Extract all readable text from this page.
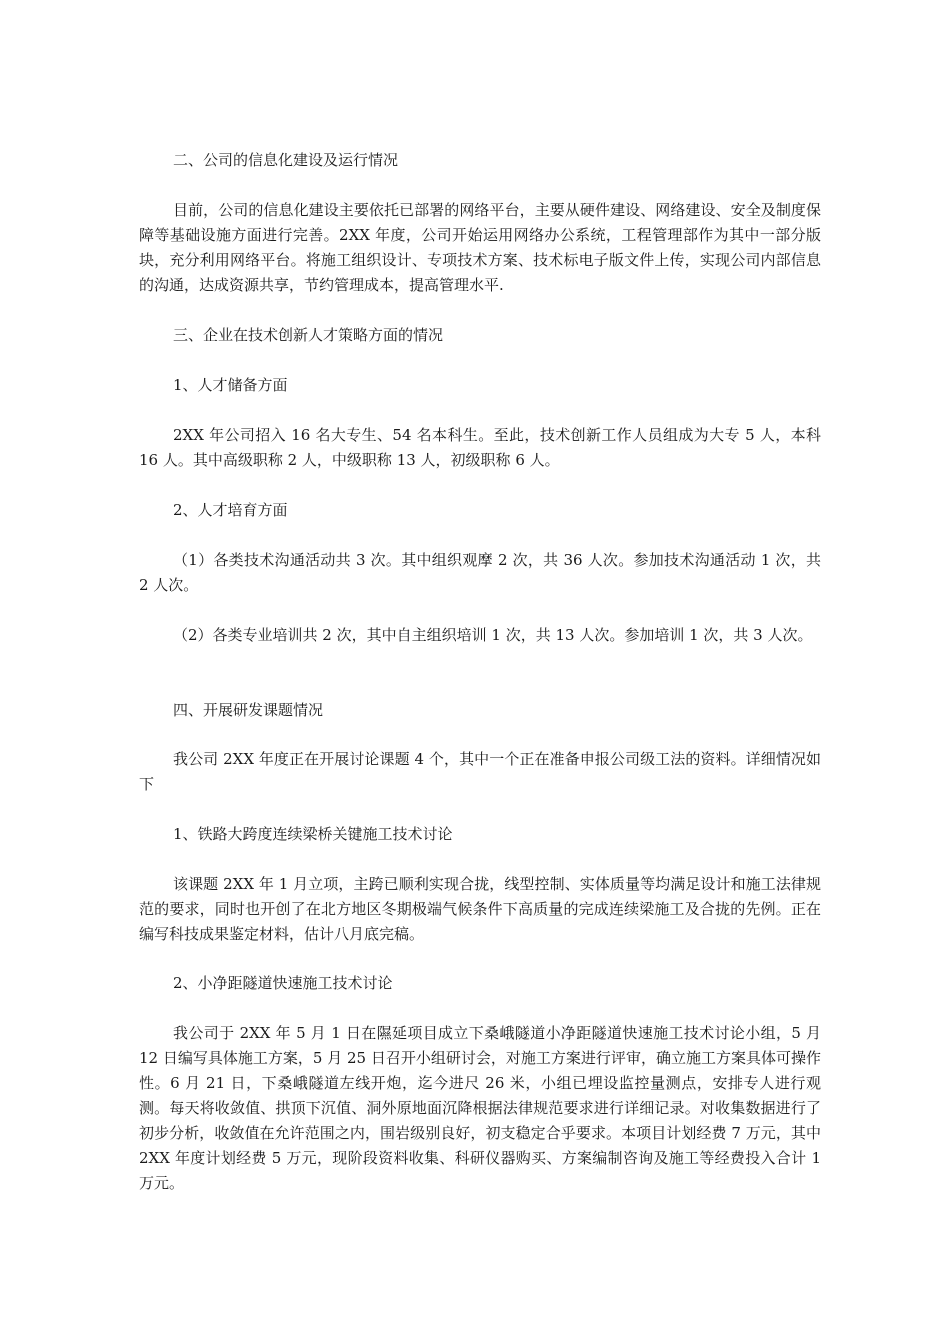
二、公司的信息化建设及运行情况

目前，公司的信息化建设主要依托已部署的网络平台，主要从硬件建设、网络建设、安全及制度保障等基础设施方面进行完善。2XX 年度，公司开始运用网络办公系统，工程管理部作为其中一部分版块，充分利用网络平台。将施工组织设计、专项技术方案、技术标电子版文件上传，实现公司内部信息的沟通，达成资源共享，节约管理成本，提高管理水平.

三、企业在技术创新人才策略方面的情况

1、人才储备方面

2XX 年公司招入 16 名大专生、54 名本科生。至此，技术创新工作人员组成为大专 5 人，本科 16 人。其中高级职称 2 人，中级职称 13 人，初级职称 6 人。

2、人才培育方面

（1）各类技术沟通活动共 3 次。其中组织观摩 2 次，共 36 人次。参加技术沟通活动 1 次，共 2 人次。

（2）各类专业培训共 2 次，其中自主组织培训 1 次，共 13 人次。参加培训 1 次，共 3 人次。

四、开展研发课题情况

我公司 2XX 年度正在开展讨论课题 4 个，其中一个正在准备申报公司级工法的资料。详细情况如下

1、铁路大跨度连续梁桥关键施工技术讨论

该课题 2XX 年 1 月立项，主跨已顺利实现合拢，线型控制、实体质量等均满足设计和施工法律规范的要求，同时也开创了在北方地区冬期极端气候条件下高质量的完成连续梁施工及合拢的先例。正在编写科技成果鉴定材料，估计八月底完稿。

2、小净距隧道快速施工技术讨论

我公司于 2XX 年 5 月 1 日在隰延项目成立下桑峨隧道小净距隧道快速施工技术讨论小组，5 月 12 日编写具体施工方案，5 月 25 日召开小组研讨会，对施工方案进行评审，确立施工方案具体可操作性。6 月 21 日，下桑峨隧道左线开炮，迄今进尺 26 米，小组已埋设监控量测点，安排专人进行观测。每天将收敛值、拱顶下沉值、洞外原地面沉降根据法律规范要求进行详细记录。对收集数据进行了初步分析，收敛值在允许范围之内，围岩级别良好，初支稳定合乎要求。本项目计划经费 7 万元，其中 2XX 年度计划经费 5 万元，现阶段资料收集、科研仪器购买、方案编制咨询及施工等经费投入合计 1 万元。
